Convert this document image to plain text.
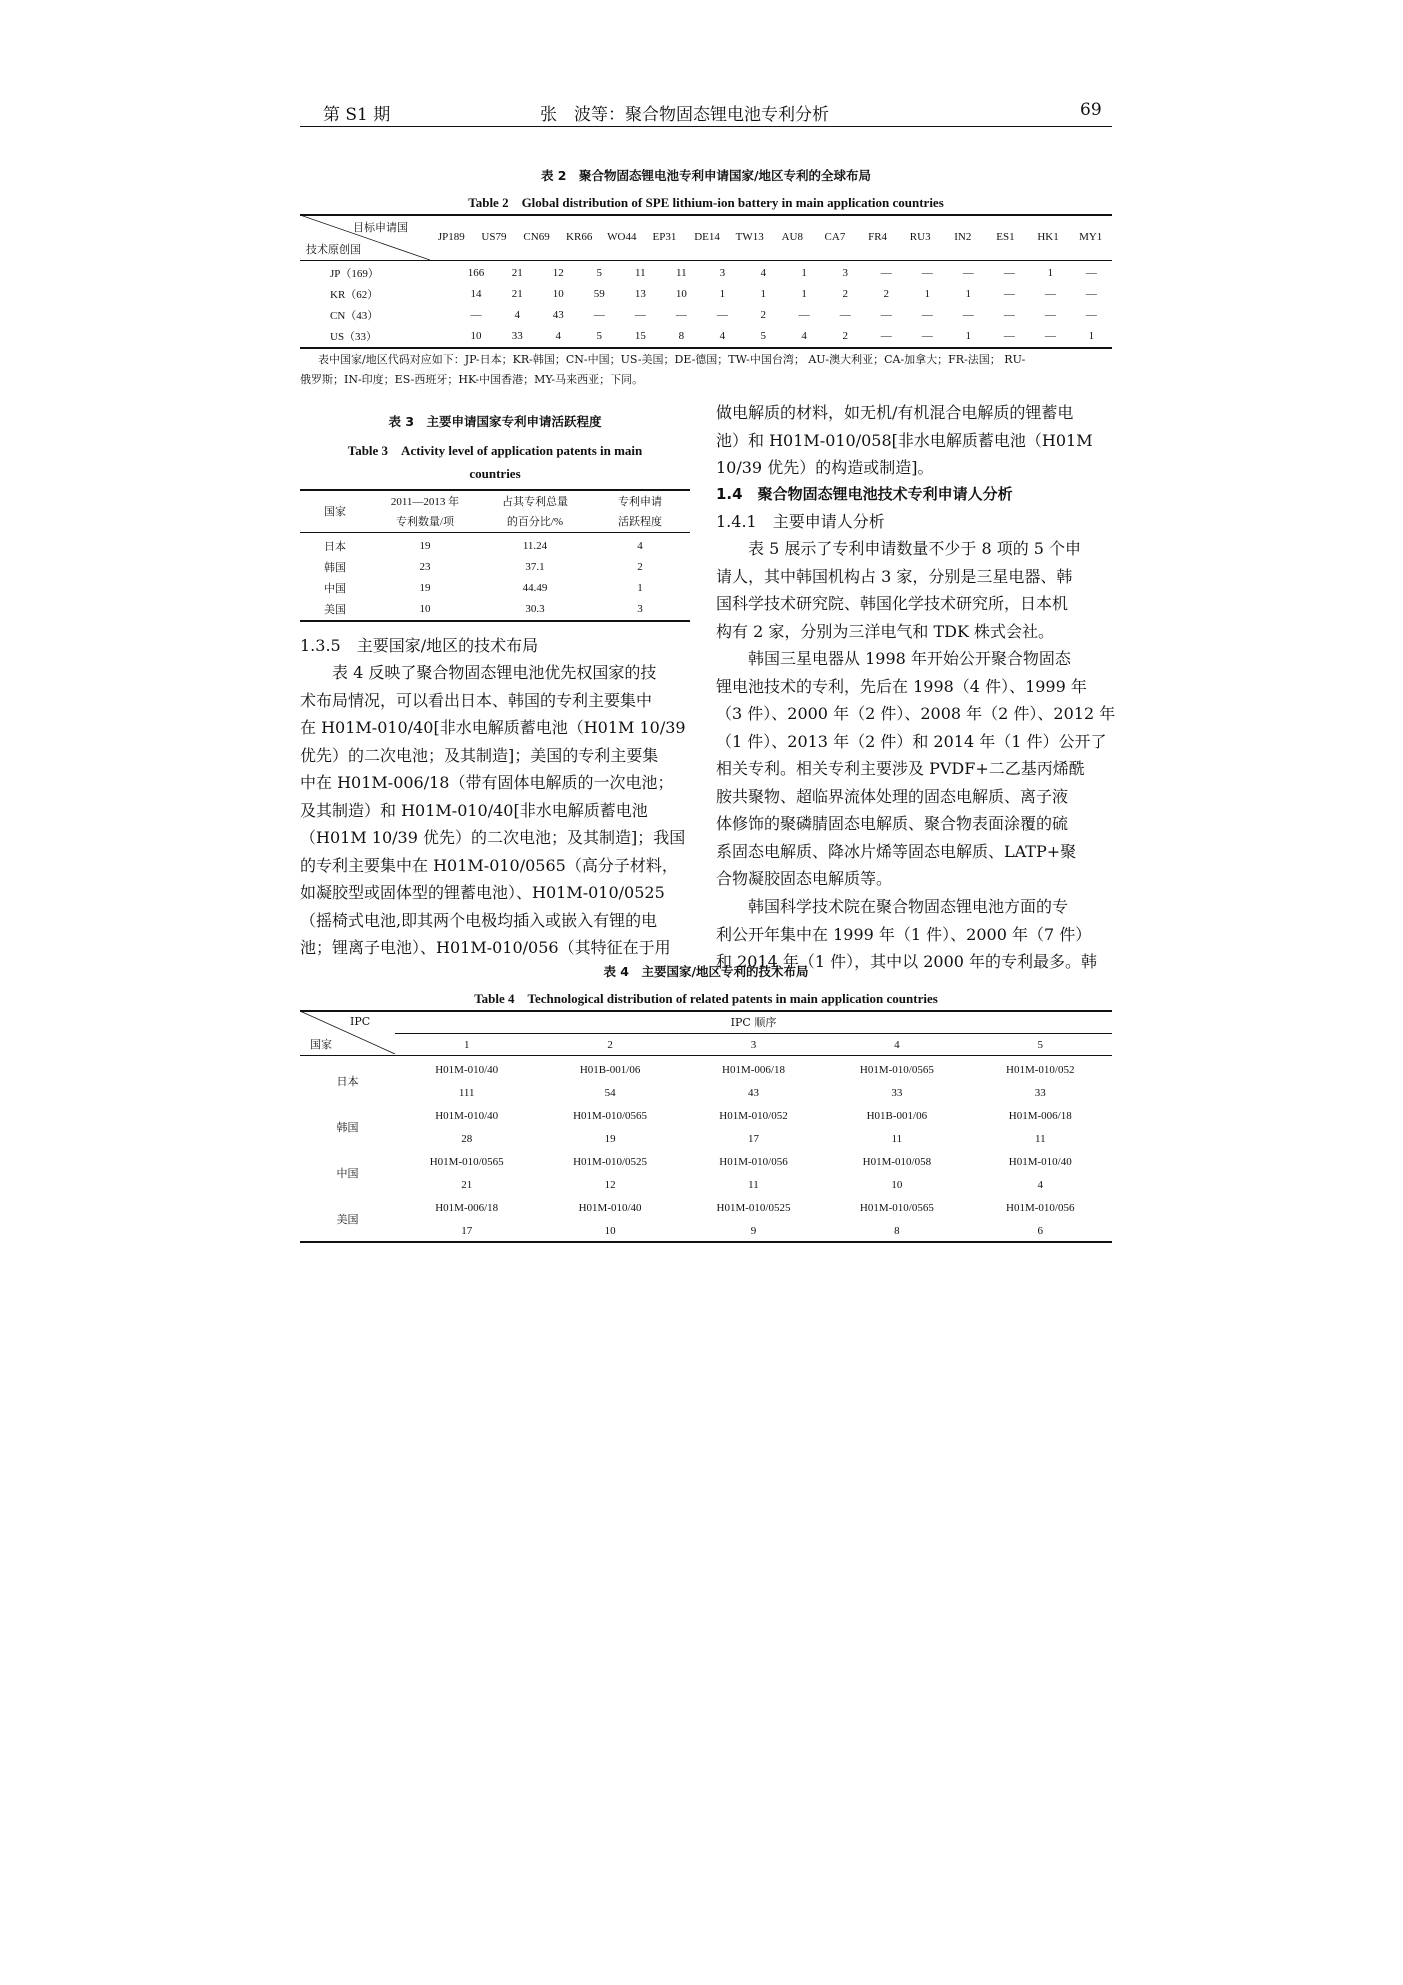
第 S1 期	张　波等：聚合物固态锂电池专利分析	69
表 2　聚合物固态锂电池专利申请国家/地区专利的全球布局
Table 2　Global distribution of SPE lithium-ion battery in main application countries
目标申请国
技术原创国
JP189	US79	CN69	KR66	WO44	EP31	DE14	TW13	AU8	CA7	FR4	RU3	IN2	ES1	HK1	MY1
JP（169）	166	21	12	5	11	11	3	4	1	3	—	—	—	—	1	—
KR（62）	14	21	10	59	13	10	1	1	1	2	2	1	1	—	—	—
CN（43）	—	4	43	—	—	—	—	2	—	—	—	—	—	—	—	—
US（33）	10	33	4	5	15	8	4	5	4	2	—	—	1	—	—	1
表中国家/地区代码对应如下：JP-日本；KR-韩国；CN-中国；US-美国；DE-德国；TW-中国台湾； AU-澳大利亚；CA-加拿大；FR-法国； RU-
俄罗斯；IN-印度；ES-西班牙；HK-中国香港；MY-马来西亚；下同。
表 3　主要申请国家专利申请活跃程度
Table 3　Activity level of application patents in main
countries
国家	2011—2013 年	占其专利总量	专利申请
	专利数量/项	的百分比/%	活跃程度
日本	19	11.24	4
韩国	23	37.1	2
中国	19	44.49	1
美国	10	30.3	3
1.3.5　主要国家/地区的技术布局
表 4 反映了聚合物固态锂电池优先权国家的技
术布局情况，可以看出日本、韩国的专利主要集中
在 H01M-010/40[非水电解质蓄电池（H01M 10/39
优先）的二次电池；及其制造]；美国的专利主要集
中在 H01M-006/18（带有固体电解质的一次电池；
及其制造）和 H01M-010/40[非水电解质蓄电池
（H01M 10/39 优先）的二次电池；及其制造]；我国
的专利主要集中在 H01M-010/0565（高分子材料，
如凝胶型或固体型的锂蓄电池）、H01M-010/0525
（摇椅式电池,即其两个电极均插入或嵌入有锂的电
池；锂离子电池）、H01M-010/056（其特征在于用
做电解质的材料，如无机/有机混合电解质的锂蓄电
池）和 H01M-010/058[非水电解质蓄电池（H01M
10/39 优先）的构造或制造]。
1.4　聚合物固态锂电池技术专利申请人分析
1.4.1　主要申请人分析
表 5 展示了专利申请数量不少于 8 项的 5 个申
请人，其中韩国机构占 3 家，分别是三星电器、韩
国科学技术研究院、韩国化学技术研究所，日本机
构有 2 家，分别为三洋电气和 TDK 株式会社。
韩国三星电器从 1998 年开始公开聚合物固态
锂电池技术的专利，先后在 1998（4 件）、1999 年
（3 件）、2000 年（2 件）、2008 年（2 件）、2012 年
（1 件）、2013 年（2 件）和 2014 年（1 件）公开了
相关专利。相关专利主要涉及 PVDF+二乙基丙烯酰
胺共聚物、超临界流体处理的固态电解质、离子液
体修饰的聚磷腈固态电解质、聚合物表面涂覆的硫
系固态电解质、降冰片烯等固态电解质、LATP+聚
合物凝胶固态电解质等。
韩国科学技术院在聚合物固态锂电池方面的专
利公开年集中在 1999 年（1 件）、2000 年（7 件）
和 2014 年（1 件），其中以 2000 年的专利最多。韩
表 4　主要国家/地区专利的技术布局
Table 4　Technological distribution of related patents in main application countries
IPC
国家
IPC 顺序
1	2	3	4	5
日本	H01M-010/40	H01B-001/06	H01M-006/18	H01M-010/0565	H01M-010/052
	111	54	43	33	33
韩国	H01M-010/40	H01M-010/0565	H01M-010/052	H01B-001/06	H01M-006/18
	28	19	17	11	11
中国	H01M-010/0565	H01M-010/0525	H01M-010/056	H01M-010/058	H01M-010/40
	21	12	11	10	4
美国	H01M-006/18	H01M-010/40	H01M-010/0525	H01M-010/0565	H01M-010/056
	17	10	9	8	6
